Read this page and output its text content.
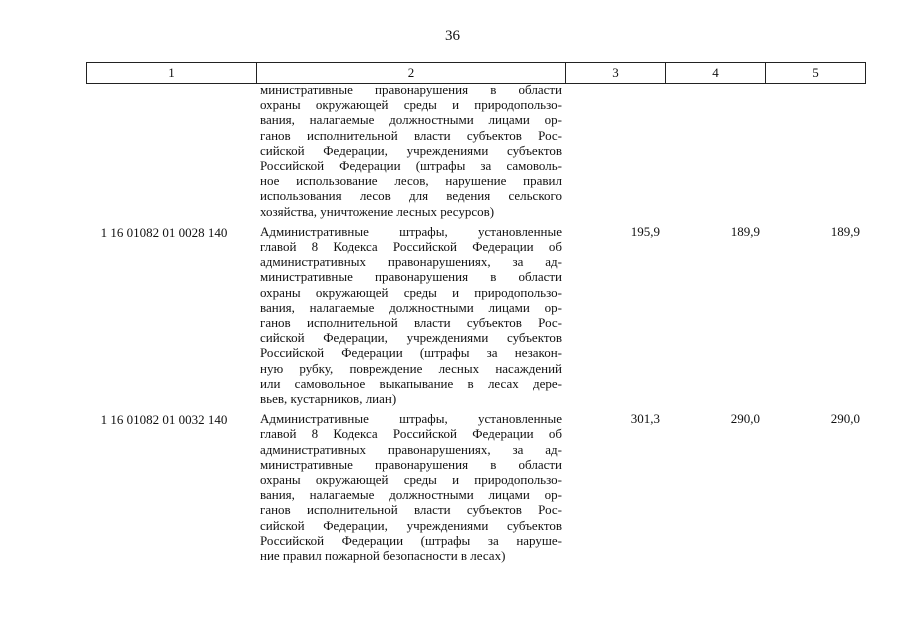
36
1	2	3	4	5
министративные правонарушения в области
охраны окружающей среды и природопользо-
вания, налагаемые должностными лицами ор-
ганов исполнительной власти субъектов Рос-
сийской Федерации, учреждениями субъектов
Российской Федерации (штрафы за самоволь-
ное использование лесов, нарушение правил
использования лесов для ведения сельского
хозяйства, уничтожение лесных ресурсов)
1 16 01082 01 0028 140	Административные штрафы, установленные
главой 8 Кодекса Российской Федерации об
административных правонарушениях, за ад-
министративные правонарушения в области
охраны окружающей среды и природопользо-
вания, налагаемые должностными лицами ор-
ганов исполнительной власти субъектов Рос-
сийской Федерации, учреждениями субъектов
Российской Федерации (штрафы за незакон-
ную рубку, повреждение лесных насаждений
или самовольное выкапывание в лесах дере-
вьев, кустарников, лиан)
195,9	189,9	189,9
1 16 01082 01 0032 140	Административные штрафы, установленные
главой 8 Кодекса Российской Федерации об
административных правонарушениях, за ад-
министративные правонарушения в области
охраны окружающей среды и природопользо-
вания, налагаемые должностными лицами ор-
ганов исполнительной власти субъектов Рос-
сийской Федерации, учреждениями субъектов
Российской Федерации (штрафы за наруше-
ние правил пожарной безопасности в лесах)
301,3	290,0	290,0
